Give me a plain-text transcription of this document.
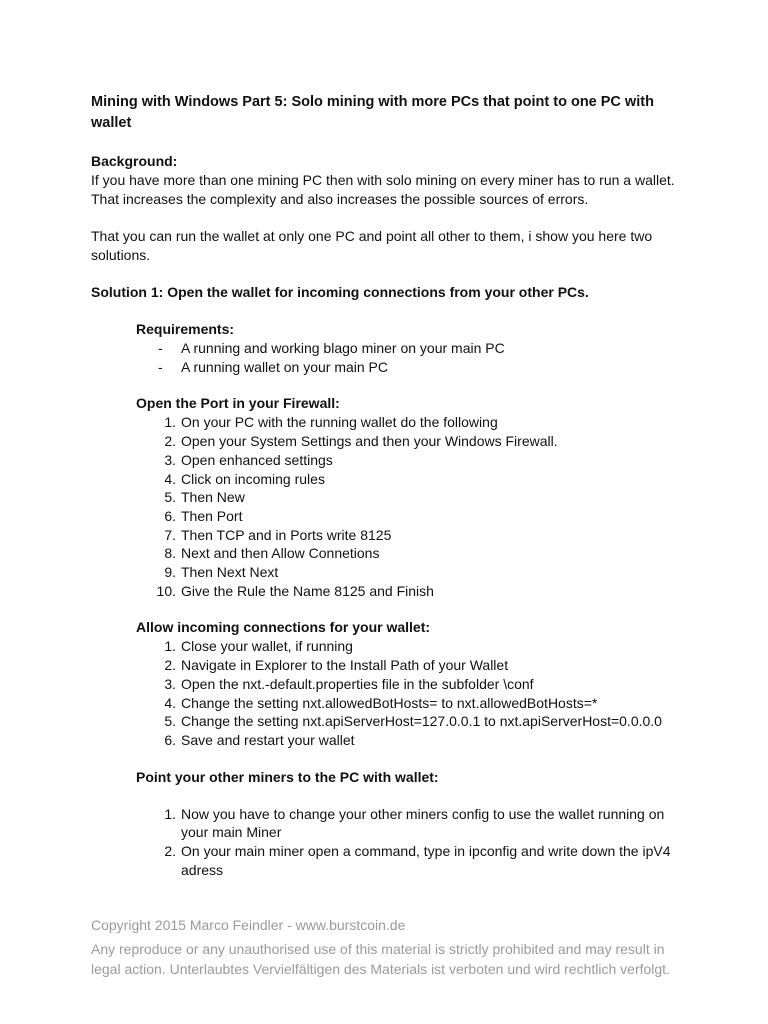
Mining with Windows Part 5: Solo mining with more PCs that point to one PC with wallet

Background:

If you have more than one mining PC then with solo mining on every miner has to run a wallet. That increases the complexity and also increases the possible sources of errors.

That you can run the wallet at only one PC and point all other to them, i show you here two solutions.

Solution 1: Open the wallet for incoming connections from your other PCs.

Requirements:

- A running and working blago miner on your main PC
- A running wallet on your main PC

Open the Port in your Firewall:

1. On your PC with the running wallet do the following
2. Open your System Settings and then your Windows Firewall.
3. Open enhanced settings
4. Click on incoming rules
5. Then New
6. Then Port
7. Then TCP and in Ports write 8125
8. Next and then Allow Connetions
9. Then Next Next
10. Give the Rule the Name 8125 and Finish

Allow incoming connections for your wallet:

1. Close your wallet, if running
2. Navigate in Explorer to the Install Path of your Wallet
3. Open the nxt.-default.properties file in the subfolder \conf
4. Change the setting nxt.allowedBotHosts= to nxt.allowedBotHosts=*
5. Change the setting nxt.apiServerHost=127.0.0.1 to nxt.apiServerHost=0.0.0.0
6. Save and restart your wallet

Point your other miners to the PC with wallet:

1. Now you have to change your other miners config to use the wallet running on your main Miner
2. On your main miner open a command, type in ipconfig and write down the ipV4 adress
Copyright 2015 Marco Feindler - www.burstcoin.de
Any reproduce or any unauthorised use of this material is strictly prohibited and may result in legal action. Unterlaubtes Vervielfältigen des Materials ist verboten und wird rechtlich verfolgt.
